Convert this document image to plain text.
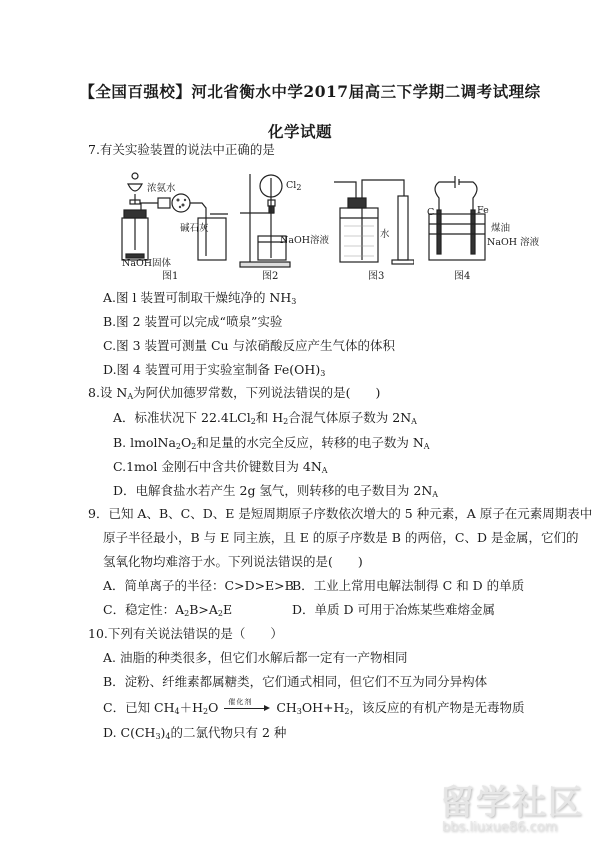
【全国百强校】河北省衡水中学2017届高三下学期二调考试理综
化学试题
7.有关实验装置的说法中正确的是
浓氨水
碱石灰
NaOH固体
图1
$Cl_2$
NaOH溶液
图2
水
图3
C	Fe
煤油
NaOH 溶液
图4
A.图 l 装置可制取干燥纯净的 $NH_3$
B.图 2 装置可以完成“喷泉”实验
C.图 3 装置可测量 Cu 与浓硝酸反应产生气体的体积
D.图 4 装置可用于实验室制备 $Fe(OH)_3$
8.设 $N_A$为阿伏加德罗常数，下列说法错误的是(　　)
A．标准状况下 22.4LCl$_2$和 $H_2$合混气体原子数为 $2N_A$
B. $lmolNa_2O_2$和足量的水完全反应，转移的电子数为 $N_A$
C.1mol 金刚石中含共价键数目为 $4N_A$
D．电解食盐水若产生 2g 氢气，则转移的电子数目为 $2N_A$
9．已知 A、B、C、D、E 是短周期原子序数依次增大的 5 种元素，A 原子在元素周期表中
原子半径最小，B 与 E 同主族，且 E 的原子序数是 B 的两倍，C、D 是金属，它们的
氢氧化物均难溶于水。下列说法错误的是(　　)
A．简单离子的半径：C>D>E>B
B．工业上常用电解法制得 C 和 D 的单质
C．稳定性：$A_2B>A_2E$	D．单质 D 可用于冶炼某些难熔金属
10.下列有关说法错误的是（　　）
A. 油脂的种类很多，但它们水解后都一定有一产物相同
B．淀粉、纤维素都属糖类，它们通式相同，但它们不互为同分异构体
C．已知 $CH_4+H_2O$ 催化剂 $CH_3OH+H_2$，该反应的有机产物是无毒物质
D. $C(CH_3)_4$的二氯代物只有 2 种
留学社区
bbs.liuxue86.com
